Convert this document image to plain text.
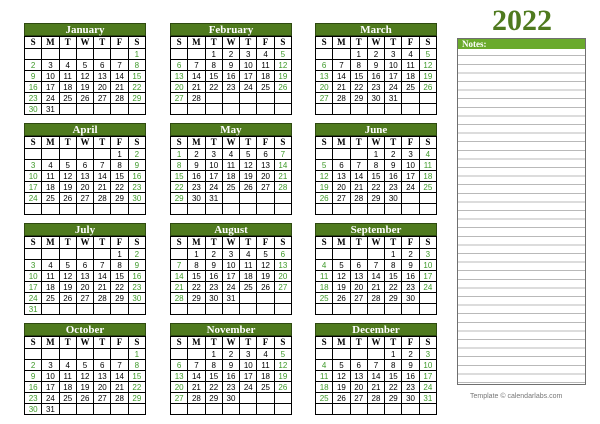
January
S	M	T	W	T	F	S
						1
2	3	4	5	6	7	8
9	10	11	12	13	14	15
16	17	18	19	20	21	22
23	24	25	26	27	28	29
30	31					
February
S	M	T	W	T	F	S
		1	2	3	4	5
6	7	8	9	10	11	12
13	14	15	16	17	18	19
20	21	22	23	24	25	26
27	28					

March
S	M	T	W	T	F	S
		1	2	3	4	5
6	7	8	9	10	11	12
13	14	15	16	17	18	19
20	21	22	23	24	25	26
27	28	29	30	31		

April
S	M	T	W	T	F	S
					1	2
3	4	5	6	7	8	9
10	11	12	13	14	15	16
17	18	19	20	21	22	23
24	25	26	27	28	29	30

May
S	M	T	W	T	F	S
1	2	3	4	5	6	7
8	9	10	11	12	13	14
15	16	17	18	19	20	21
22	23	24	25	26	27	28
29	30	31				

June
S	M	T	W	T	F	S
			1	2	3	4
5	6	7	8	9	10	11
12	13	14	15	16	17	18
19	20	21	22	23	24	25
26	27	28	29	30		

July
S	M	T	W	T	F	S
					1	2
3	4	5	6	7	8	9
10	11	12	13	14	15	16
17	18	19	20	21	22	23
24	25	26	27	28	29	30
31						
August
S	M	T	W	T	F	S
	1	2	3	4	5	6
7	8	9	10	11	12	13
14	15	16	17	18	19	20
21	22	23	24	25	26	27
28	29	30	31			

September
S	M	T	W	T	F	S
				1	2	3
4	5	6	7	8	9	10
11	12	13	14	15	16	17
18	19	20	21	22	23	24
25	26	27	28	29	30	

October
S	M	T	W	T	F	S
						1
2	3	4	5	6	7	8
9	10	11	12	13	14	15
16	17	18	19	20	21	22
23	24	25	26	27	28	29
30	31					
November
S	M	T	W	T	F	S
		1	2	3	4	5
6	7	8	9	10	11	12
13	14	15	16	17	18	19
20	21	22	23	24	25	26
27	28	29	30			

December
S	M	T	W	T	F	S
				1	2	3
4	5	6	7	8	9	10
11	12	13	14	15	16	17
18	19	20	21	22	23	24
25	26	27	28	29	30	31

2022
Notes:
Template © calendarlabs.com
